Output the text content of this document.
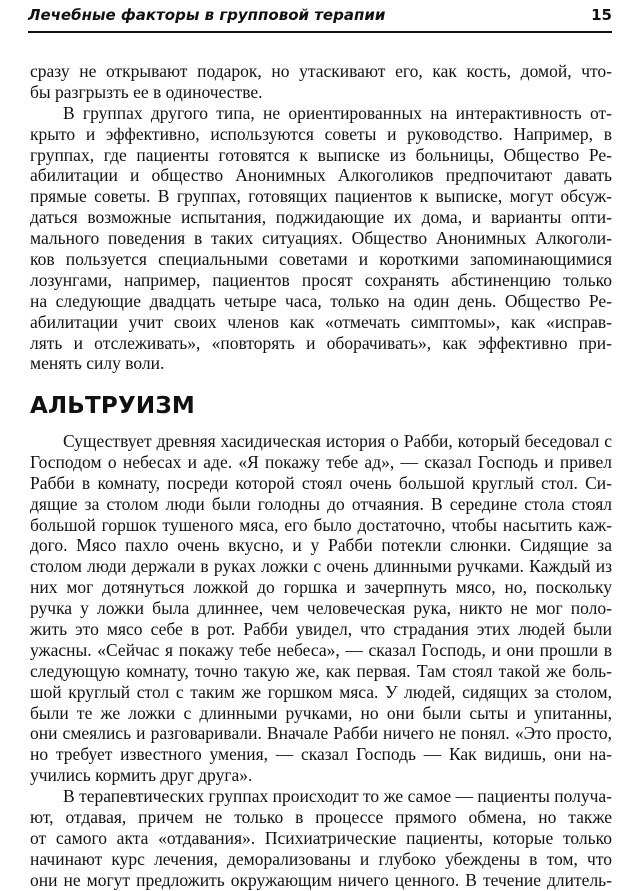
Лечебные факторы в групповой терапии	15
сразу не открывают подарок, но утаскивают его, как кость, домой, что-
бы разгрызть ее в одиночестве.
В группах другого типа, не ориентированных на интерактивность от-
крыто и эффективно, используются советы и руководство. Например, в
группах, где пациенты готовятся к выписке из больницы, Общество Ре-
абилитации и общество Анонимных Алкоголиков предпочитают давать
прямые советы. В группах, готовящих пациентов к выписке, могут обсуж-
даться возможные испытания, поджидающие их дома, и варианты опти-
мального поведения в таких ситуациях. Общество Анонимных Алкоголи-
ков пользуется специальными советами и короткими запоминающимися
лозунгами, например, пациентов просят сохранять абстиненцию только
на следующие двадцать четыре часа, только на один день. Общество Ре-
абилитации учит своих членов как «отмечать симптомы», как «исправ-
лять и отслеживать», «повторять и оборачивать», как эффективно при-
менять силу воли.
АЛЬТРУИЗМ
Существует древняя хасидическая история о Рабби, который беседовал с
Господом о небесах и аде. «Я покажу тебе ад», — сказал Господь и привел
Рабби в комнату, посреди которой стоял очень большой круглый стол. Си-
дящие за столом люди были голодны до отчаяния. В середине стола стоял
большой горшок тушеного мяса, его было достаточно, чтобы насытить каж-
дого. Мясо пахло очень вкусно, и у Рабби потекли слюнки. Сидящие за
столом люди держали в руках ложки с очень длинными ручками. Каждый из
них мог дотянуться ложкой до горшка и зачерпнуть мясо, но, поскольку
ручка у ложки была длиннее, чем человеческая рука, никто не мог поло-
жить это мясо себе в рот. Рабби увидел, что страдания этих людей были
ужасны. «Сейчас я покажу тебе небеса», — сказал Господь, и они прошли в
следующую комнату, точно такую же, как первая. Там стоял такой же боль-
шой круглый стол с таким же горшком мяса. У людей, сидящих за столом,
были те же ложки с длинными ручками, но они были сыты и упитанны,
они смеялись и разговаривали. Вначале Рабби ничего не понял. «Это просто,
но требует известного умения, — сказал Господь — Как видишь, они на-
учились кормить друг друга».
В терапевтических группах происходит то же самое — пациенты получа-
ют, отдавая, причем не только в процессе прямого обмена, но также
от самого акта «отдавания». Психиатрические пациенты, которые только
начинают курс лечения, деморализованы и глубоко убеждены в том, что
они не могут предложить окружающим ничего ценного. В течение длитель-
